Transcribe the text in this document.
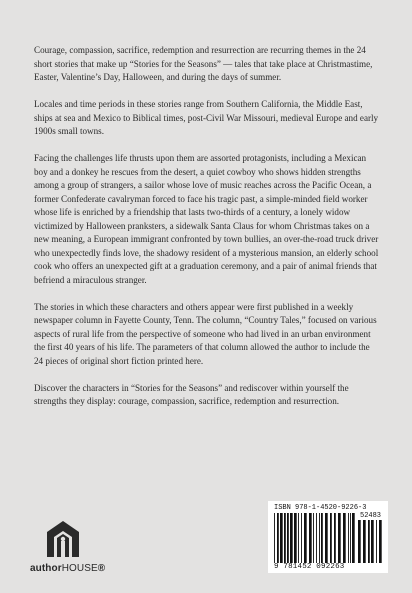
Courage, compassion, sacrifice, redemption and resurrection are recurring themes in the 24 short stories that make up “Stories for the Seasons” — tales that take place at Christmastime, Easter, Valentine’s Day, Halloween, and during the days of summer.

Locales and time periods in these stories range from Southern California, the Middle East, ships at sea and Mexico to Biblical times, post-Civil War Missouri, medieval Europe and early 1900s small towns.

Facing the challenges life thrusts upon them are assorted protagonists, including a Mexican boy and a donkey he rescues from the desert, a quiet cowboy who shows hidden strengths among a group of strangers, a sailor whose love of music reaches across the Pacific Ocean, a former Confederate cavalryman forced to face his tragic past, a simple-minded field worker whose life is enriched by a friendship that lasts two-thirds of a century, a lonely widow victimized by Halloween pranksters, a sidewalk Santa Claus for whom Christmas takes on a new meaning, a European immigrant confronted by town bullies, an over-the-road truck driver who unexpectedly finds love, the shadowy resident of a mysterious mansion, an elderly school cook who offers an unexpected gift at a graduation ceremony, and a pair of animal friends that befriend a miraculous stranger.

The stories in which these characters and others appear were first published in a weekly newspaper column in Fayette County, Tenn. The column, “Country Tales,” focused on various aspects of rural life from the perspective of someone who had lived in an urban environment the first 40 years of his life. The parameters of that column allowed the author to include the 24 pieces of original short fiction printed here.

Discover the characters in “Stories for the Seasons” and rediscover within yourself the strengths they display: courage, compassion, sacrifice, redemption and resurrection.

authorHOUSE®
ISBN 978-1-4520-9226-3
52483
9 781452 092263
